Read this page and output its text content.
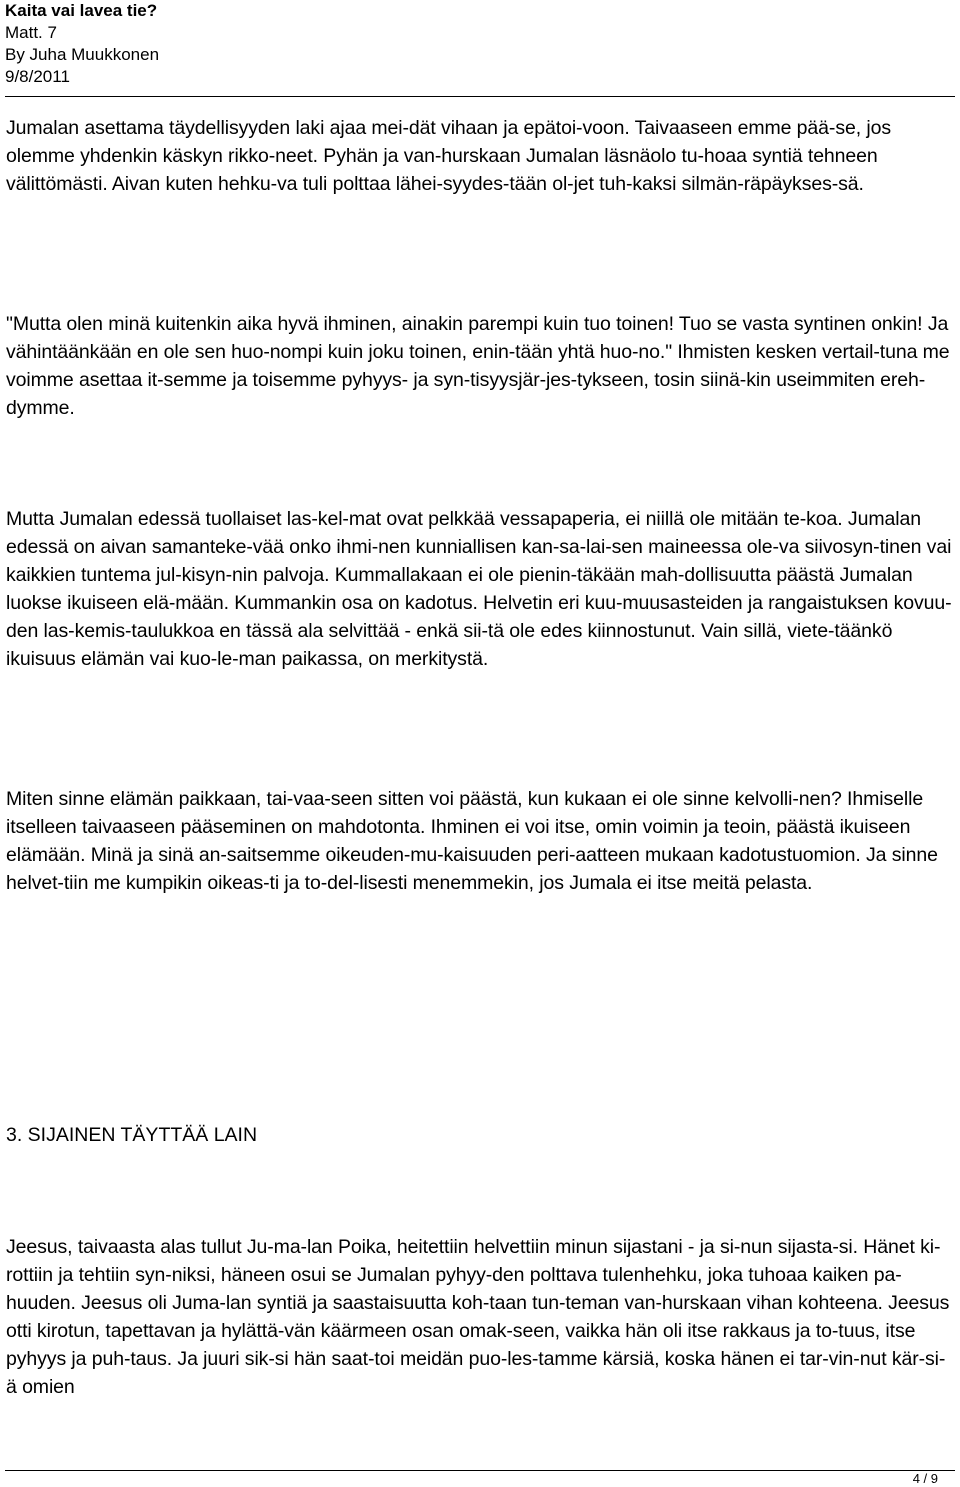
Kaita vai lavea tie?
Matt. 7
By Juha Muukkonen
9/8/2011

Jumalan asettama täydellisyyden laki ajaa mei-dät vihaan ja epätoi-voon. Taivaaseen emme pää-se, jos olemme yhdenkin käskyn rikko-neet. Pyhän ja van-hurskaan Jumalan läsnäolo tu-hoaa syntiä tehneen välittömästi. Aivan kuten hehku-va tuli polttaa lähei-syydes-tään ol-jet tuh-kaksi silmän-räpäykses-sä.

"Mutta olen minä kuitenkin aika hyvä ihminen, ainakin parempi kuin tuo toinen! Tuo se vasta syntinen onkin! Ja vähintäänkään en ole sen huo-nompi kuin joku toinen, enin-tään yhtä huo-no." Ihmisten kesken vertail-tuna me voimme asettaa it-semme ja toisemme pyhyys- ja syn-tisyysjär-jes-tykseen, tosin siinä-kin useimmiten ereh-dymme.

Mutta Jumalan edessä tuollaiset las-kel-mat ovat pelkkää vessapaperia, ei niillä ole mitään te-koa. Jumalan edessä on aivan samanteke-vää onko ihmi-nen kunniallisen kan-sa-lai-sen maineessa ole-va siivosyn-tinen vai kaikkien tuntema jul-kisyn-nin palvoja. Kummallakaan ei ole pienin-täkään mah-dollisuutta päästä Jumalan luokse ikuiseen elä-mään. Kummankin osa on kadotus. Helvetin eri kuu-muusasteiden ja rangaistuksen kovuu-den las-kemis-taulukkoa en tässä ala selvittää - enkä sii-tä ole edes kiinnostunut. Vain sillä, viete-täänkö ikuisuus elämän vai kuo-le-man paikassa, on merkitystä.

Miten sinne elämän paikkaan, tai-vaa-seen sitten voi päästä, kun kukaan ei ole sinne kelvolli-nen? Ihmiselle itselleen taivaaseen pääseminen on mahdotonta. Ihminen ei voi itse, omin voimin ja teoin, päästä ikuiseen elämään. Minä ja sinä an-saitsemme oikeuden-mu-kaisuuden peri-aatteen mukaan kadotustuomion. Ja sinne helvet-tiin me kumpikin oikeas-ti ja to-del-lisesti menemmekin, jos Jumala ei itse meitä pelasta.

3. SIJAINEN TÄYTTÄÄ LAIN

Jeesus, taivaasta alas tullut Ju-ma-lan Poika, heitettiin helvettiin minun sijastani - ja si-nun sijasta-si. Hänet ki-rottiin ja tehtiin syn-niksi, häneen osui se Jumalan pyhyy-den polttava tulenhehku, joka tuhoaa kaiken pa-huuden. Jeesus oli Juma-lan syntiä ja saastaisuutta koh-taan tun-teman van-hurskaan vihan kohteena. Jeesus otti kirotun, tapettavan ja hylättä-vän käärmeen osan omak-seen, vaikka hän oli itse rakkaus ja to-tuus, itse pyhyys ja puh-taus. Ja juuri sik-si hän saat-toi meidän puo-les-tamme kärsiä, koska hänen ei tar-vin-nut kär-si-ä omien

4 / 9
